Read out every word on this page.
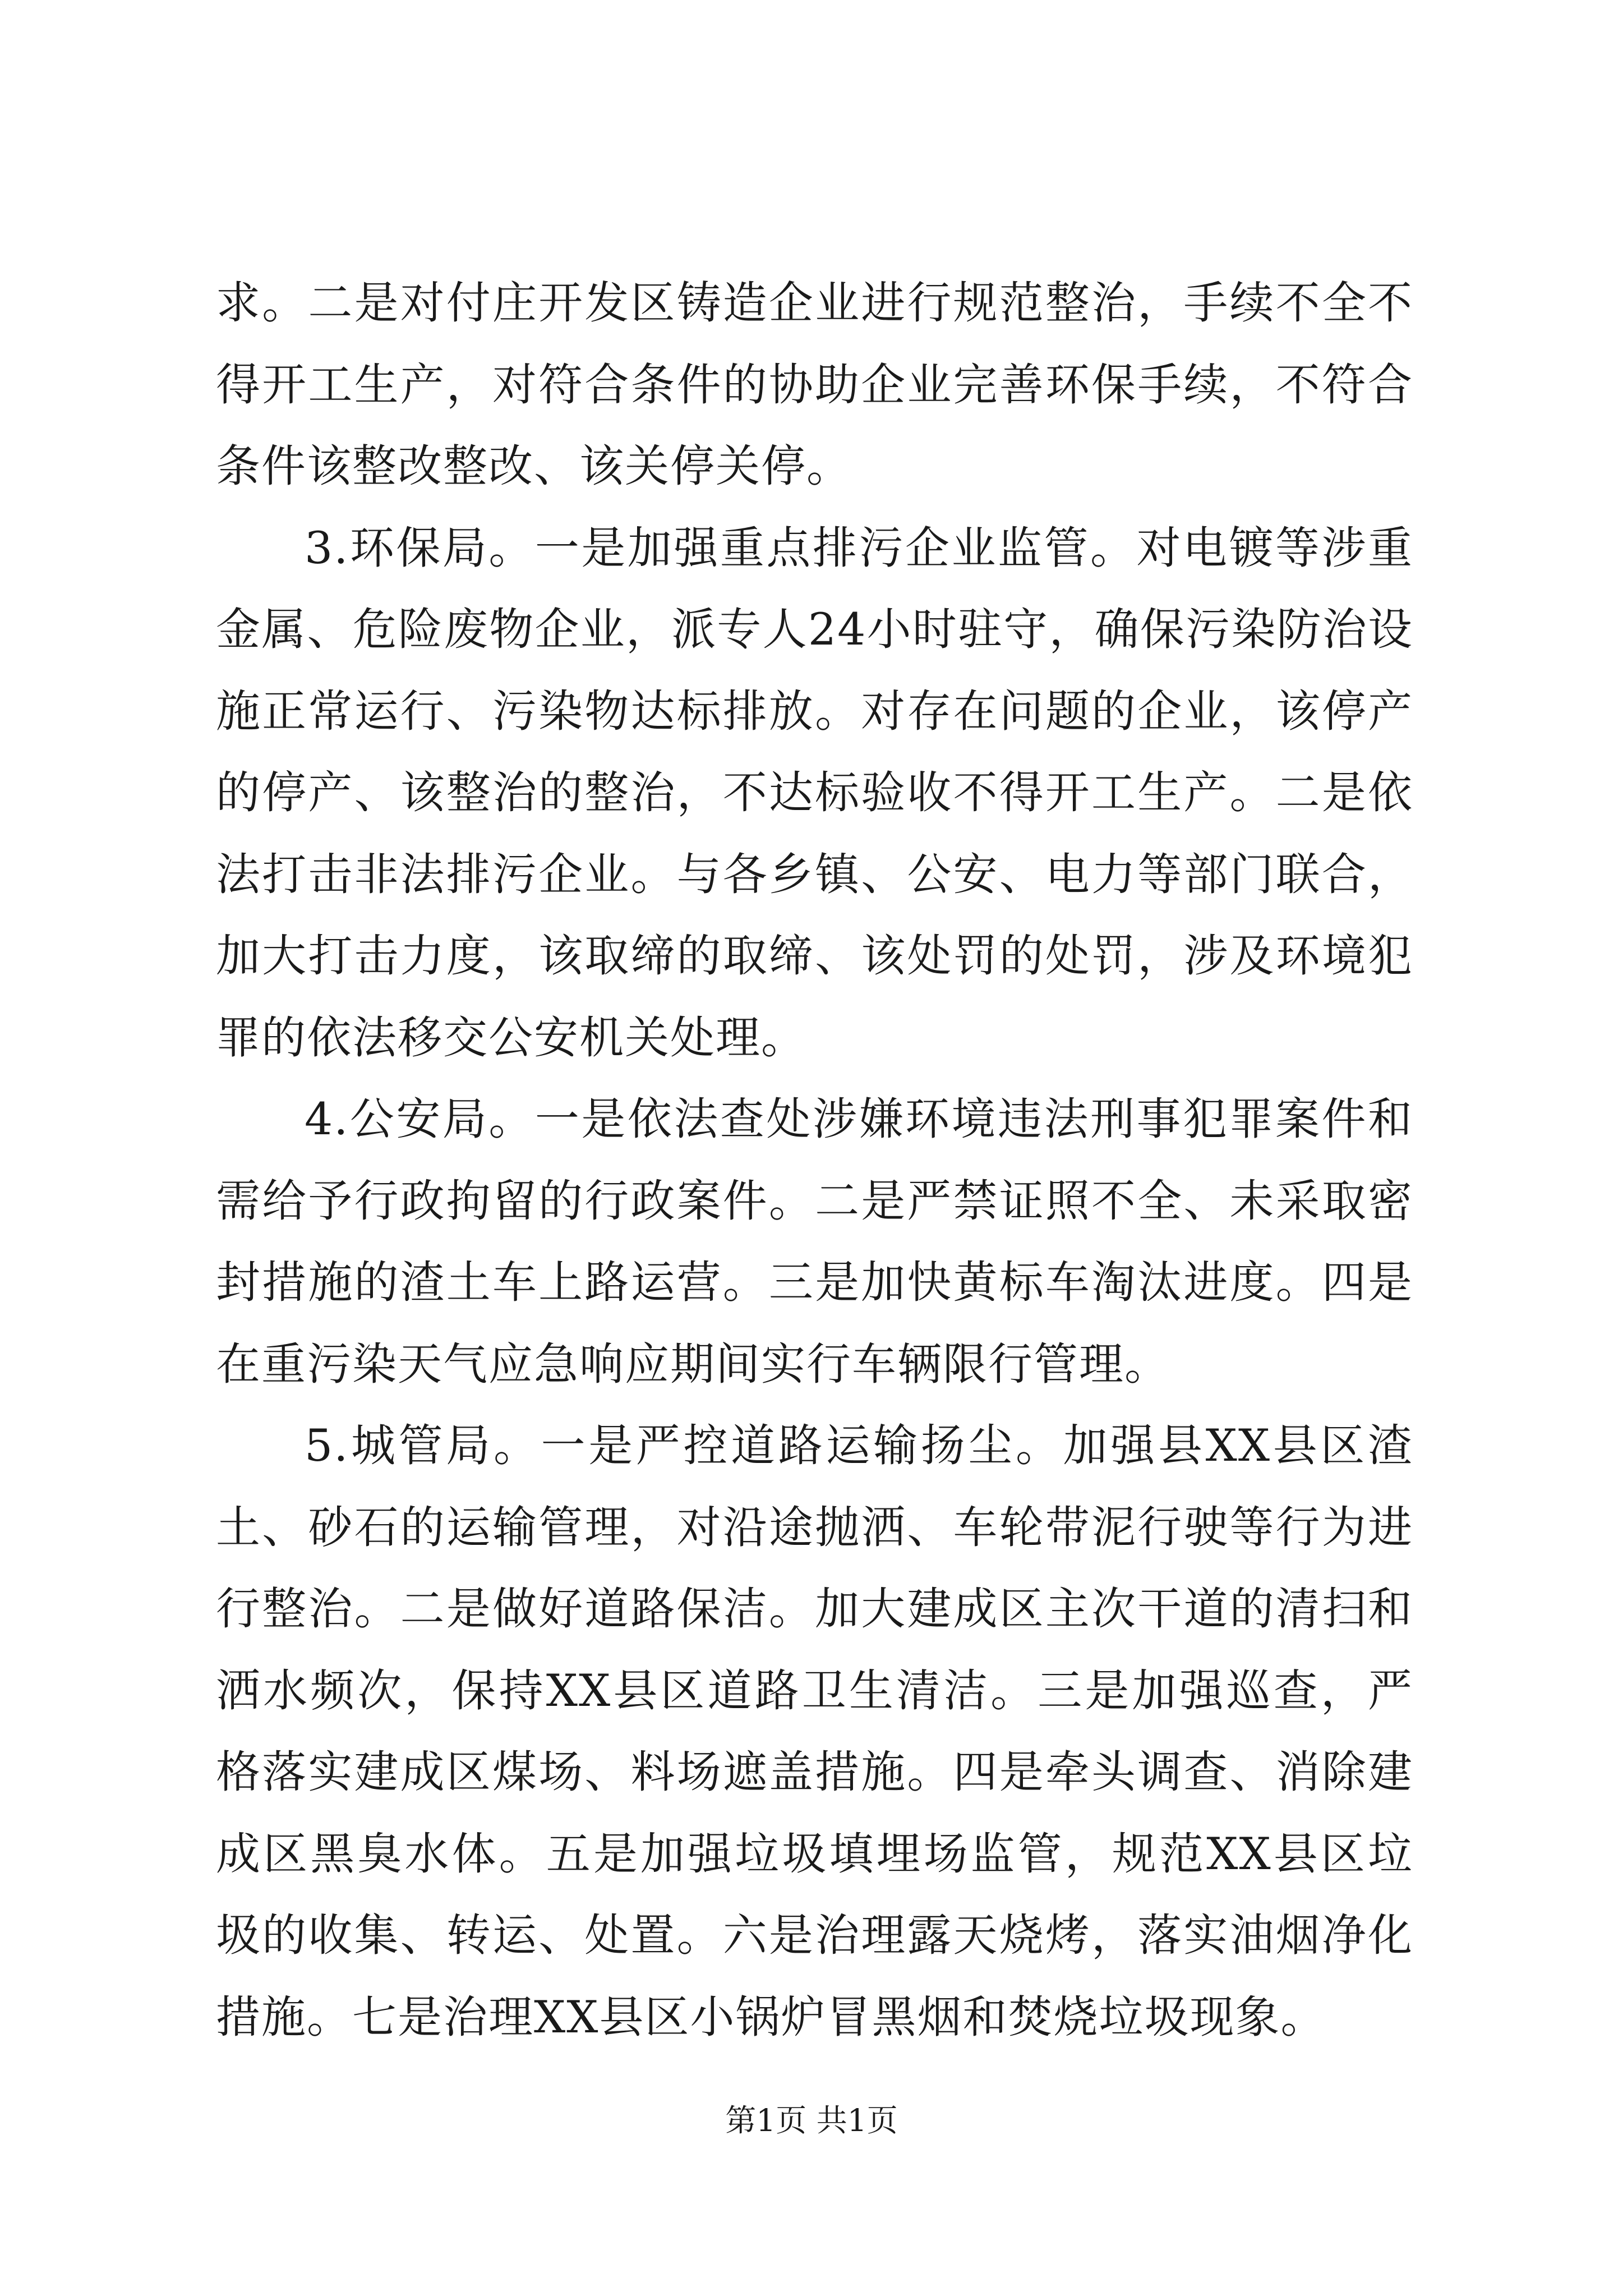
求。二是对付庄开发区铸造企业进行规范整治，手续不全不得开工生产，对符合条件的协助企业完善环保手续，不符合条件该整改整改、该关停关停。

3.环保局。一是加强重点排污企业监管。对电镀等涉重金属、危险废物企业，派专人24小时驻守，确保污染防治设施正常运行、污染物达标排放。对存在问题的企业，该停产的停产、该整治的整治，不达标验收不得开工生产。二是依法打击非法排污企业。与各乡镇、公安、电力等部门联合，加大打击力度，该取缔的取缔、该处罚的处罚，涉及环境犯罪的依法移交公安机关处理。

4.公安局。一是依法查处涉嫌环境违法刑事犯罪案件和需给予行政拘留的行政案件。二是严禁证照不全、未采取密封措施的渣土车上路运营。三是加快黄标车淘汰进度。四是在重污染天气应急响应期间实行车辆限行管理。

5.城管局。一是严控道路运输扬尘。加强县XX县区渣土、砂石的运输管理，对沿途抛洒、车轮带泥行驶等行为进行整治。二是做好道路保洁。加大建成区主次干道的清扫和洒水频次，保持XX县区道路卫生清洁。三是加强巡查，严格落实建成区煤场、料场遮盖措施。四是牵头调查、消除建成区黑臭水体。五是加强垃圾填埋场监管，规范XX县区垃圾的收集、转运、处置。六是治理露天烧烤，落实油烟净化措施。七是治理XX县区小锅炉冒黑烟和焚烧垃圾现象。

第1页 共1页
